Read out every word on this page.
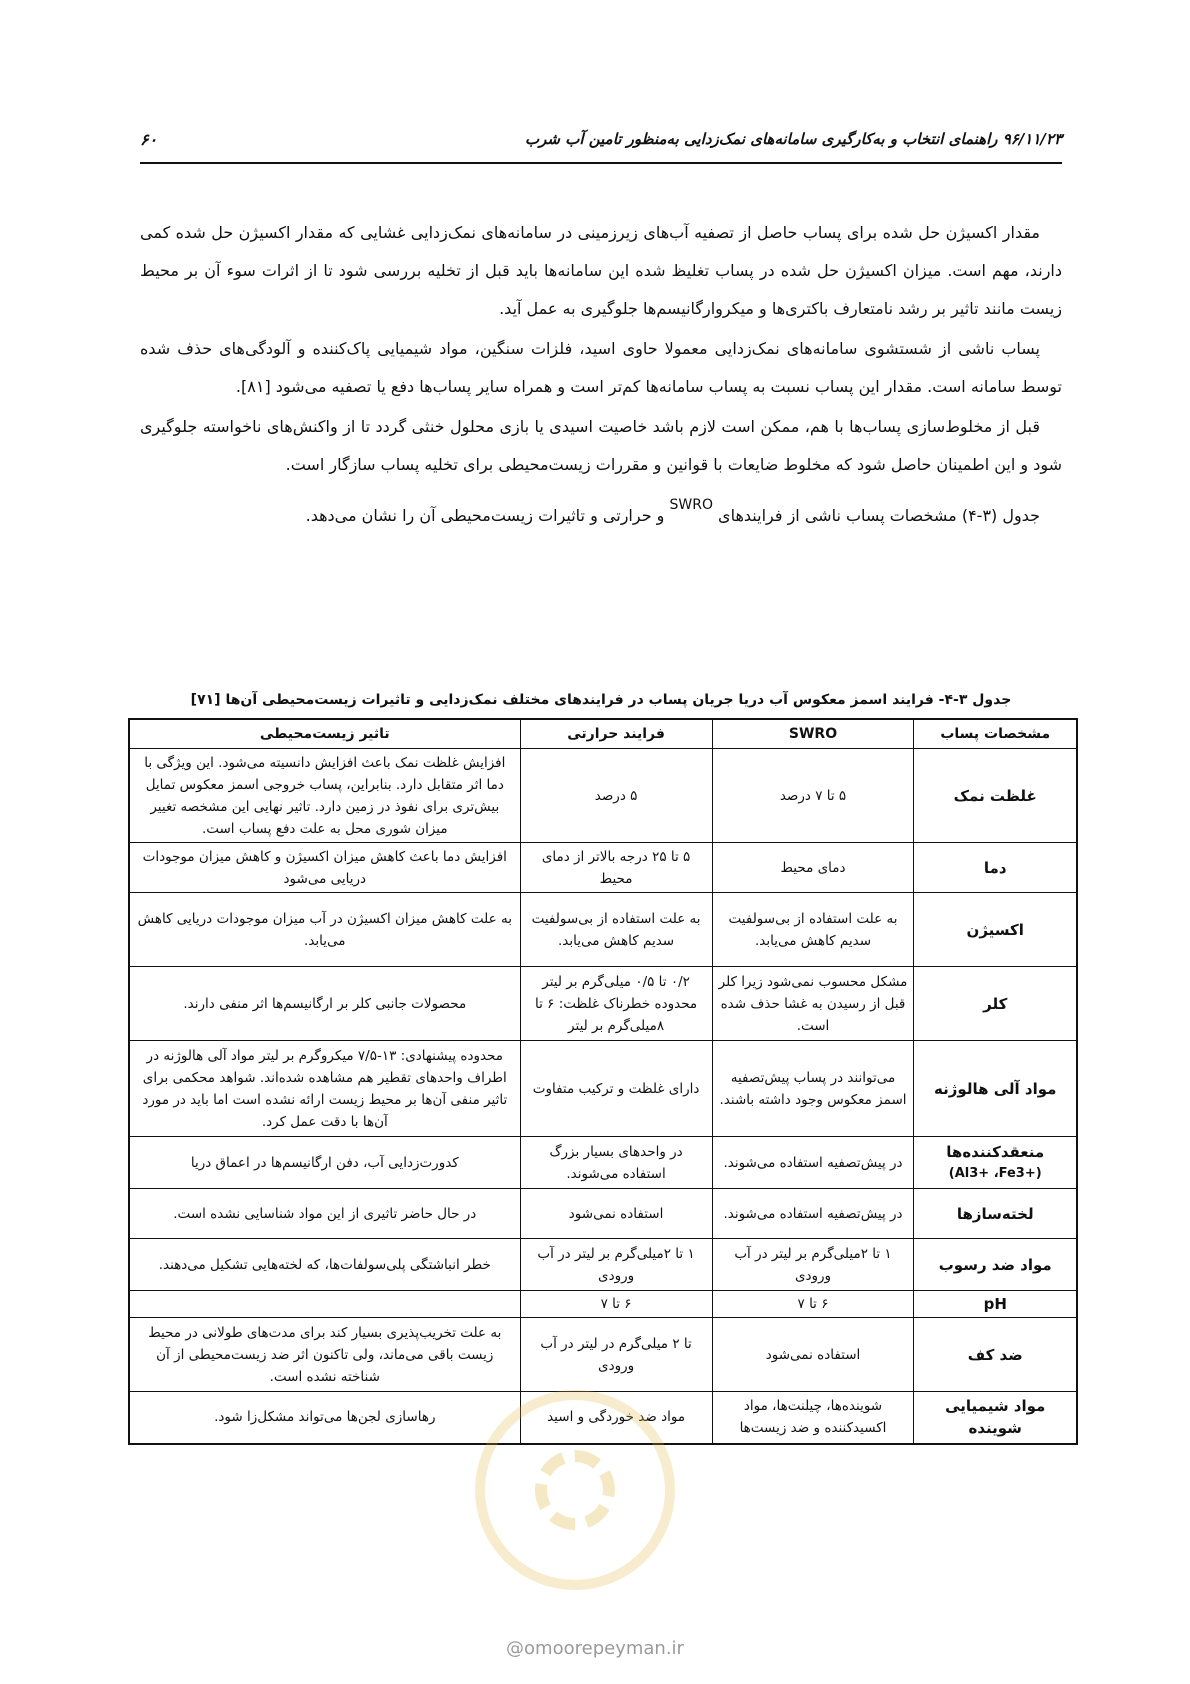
۹۶/۱۱/۲۳ راهنمای انتخاب و به‌کارگیری سامانه‌های نمک‌زدایی به‌منظور تامین آب شرب
۶۰

مقدار اکسیژن حل شده برای پساب حاصل از تصفیه آب‌های زیرزمینی در سامانه‌های نمک‌زدایی غشایی که مقدار اکسیژن حل شده کمی دارند، مهم است. میزان اکسیژن حل شده در پساب تغلیظ شده این سامانه‌ها باید قبل از تخلیه بررسی شود تا از اثرات سوء آن بر محیط زیست مانند تاثیر بر رشد نامتعارف باکتری‌ها و میکروارگانیسم‌ها جلوگیری به عمل آید.

پساب ناشی از شستشوی سامانه‌های نمک‌زدایی معمولا حاوی اسید، فلزات سنگین، مواد شیمیایی پاک‌کننده و آلودگی‌های حذف شده توسط سامانه است. مقدار این پساب نسبت به پساب سامانه‌ها کم‌تر است و همراه سایر پساب‌ها دفع یا تصفیه می‌شود [۸۱].

قبل از مخلوط‌سازی پساب‌ها با هم، ممکن است لازم باشد خاصیت اسیدی یا بازی محلول خنثی گردد تا از واکنش‌های ناخواسته جلوگیری شود و این اطمینان حاصل شود که مخلوط ضایعات با قوانین و مقررات زیست‌محیطی برای تخلیه پساب سازگار است.

جدول (۳-۴) مشخصات پساب ناشی از فرایندهای SWRO و حرارتی و تاثیرات زیست‌محیطی آن را نشان می‌دهد.

جدول ۳-۴- فرایند اسمز معکوس آب دریا جریان پساب در فرایندهای مختلف نمک‌زدایی و تاثیرات زیست‌محیطی آن‌ها [۷۱]
مشخصات پساب	SWRO	فرایند حرارتی	تاثیر زیست‌محیطی
غلظت نمک	۵ تا ۷ درصد	۵ درصد	افزایش غلظت نمک باعث افزایش دانسیته می‌شود. این ویژگی با دما اثر متقابل دارد. بنابراین، پساب خروجی اسمز معکوس تمایل بیش‌تری برای نفوذ در زمین دارد. تاثیر نهایی این مشخصه تغییر میزان شوری محل به علت دفع پساب است.
دما	دمای محیط	۵ تا ۲۵ درجه بالاتر از دمای محیط	افزایش دما باعث کاهش میزان اکسیژن و کاهش میزان موجودات دریایی می‌شود
اکسیژن	به علت استفاده از بی‌سولفیت سدیم کاهش می‌یابد.	به علت استفاده از بی‌سولفیت سدیم کاهش می‌یابد.	به علت کاهش میزان اکسیژن در آب میزان موجودات دریایی کاهش می‌یابد.
کلر	مشکل محسوب نمی‌شود زیرا کلر قبل از رسیدن به غشا حذف شده است.	۰/۲ تا ۰/۵ میلی‌گرم بر لیتر محدوده خطرناک غلظت: ۶ تا ۸میلی‌گرم بر لیتر	محصولات جانبی کلر بر ارگانیسم‌ها اثر منفی دارند.
مواد آلی هالوژنه	می‌توانند در پساب پیش‌تصفیه اسمز معکوس وجود داشته باشند.	دارای غلظت و ترکیب متفاوت	محدوده پیشنهادی: ۱۳-۷/۵ میکروگرم بر لیتر مواد آلی هالوژنه در اطراف واحدهای تقطیر هم مشاهده شده‌اند. شواهد محکمی برای تاثیر منفی آن‌ها بر محیط زیست ارائه نشده است اما باید در مورد آن‌ها با دقت عمل کرد.

منعقدکننده‌ها
(Al3+ ،Fe3+)	در پیش‌تصفیه استفاده می‌شوند.	در واحدهای بسیار بزرگ استفاده می‌شوند.	کدورت‌زدایی آب، دفن ارگانیسم‌ها در اعماق دریا
لخته‌سازها	در پیش‌تصفیه استفاده می‌شوند.	استفاده نمی‌شود	در حال حاضر تاثیری از این مواد شناسایی نشده است.
مواد ضد رسوب	۱ تا ۲میلی‌گرم بر لیتر در آب ورودی	۱ تا ۲میلی‌گرم بر لیتر در آب ورودی	خطر انباشتگی پلی‌سولفات‌ها، که لخته‌هایی تشکیل می‌دهند.
pH	۶ تا ۷	۶ تا ۷	
ضد کف	استفاده نمی‌شود	تا ۲ میلی‌گرم در لیتر در آب ورودی	به علت تخریب‌پذیری بسیار کند برای مدت‌های طولانی در محیط زیست باقی می‌ماند، ولی تاکنون اثر ضد زیست‌محیطی از آن شناخته نشده است.
مواد شیمیایی شوینده	شوینده‌ها، چیلنت‌ها، مواد اکسیدکننده و ضد زیست‌ها	مواد ضد خوردگی و اسید	رهاسازی لجن‌ها می‌تواند مشکل‌زا شود.
@omoorepeyman.ir
